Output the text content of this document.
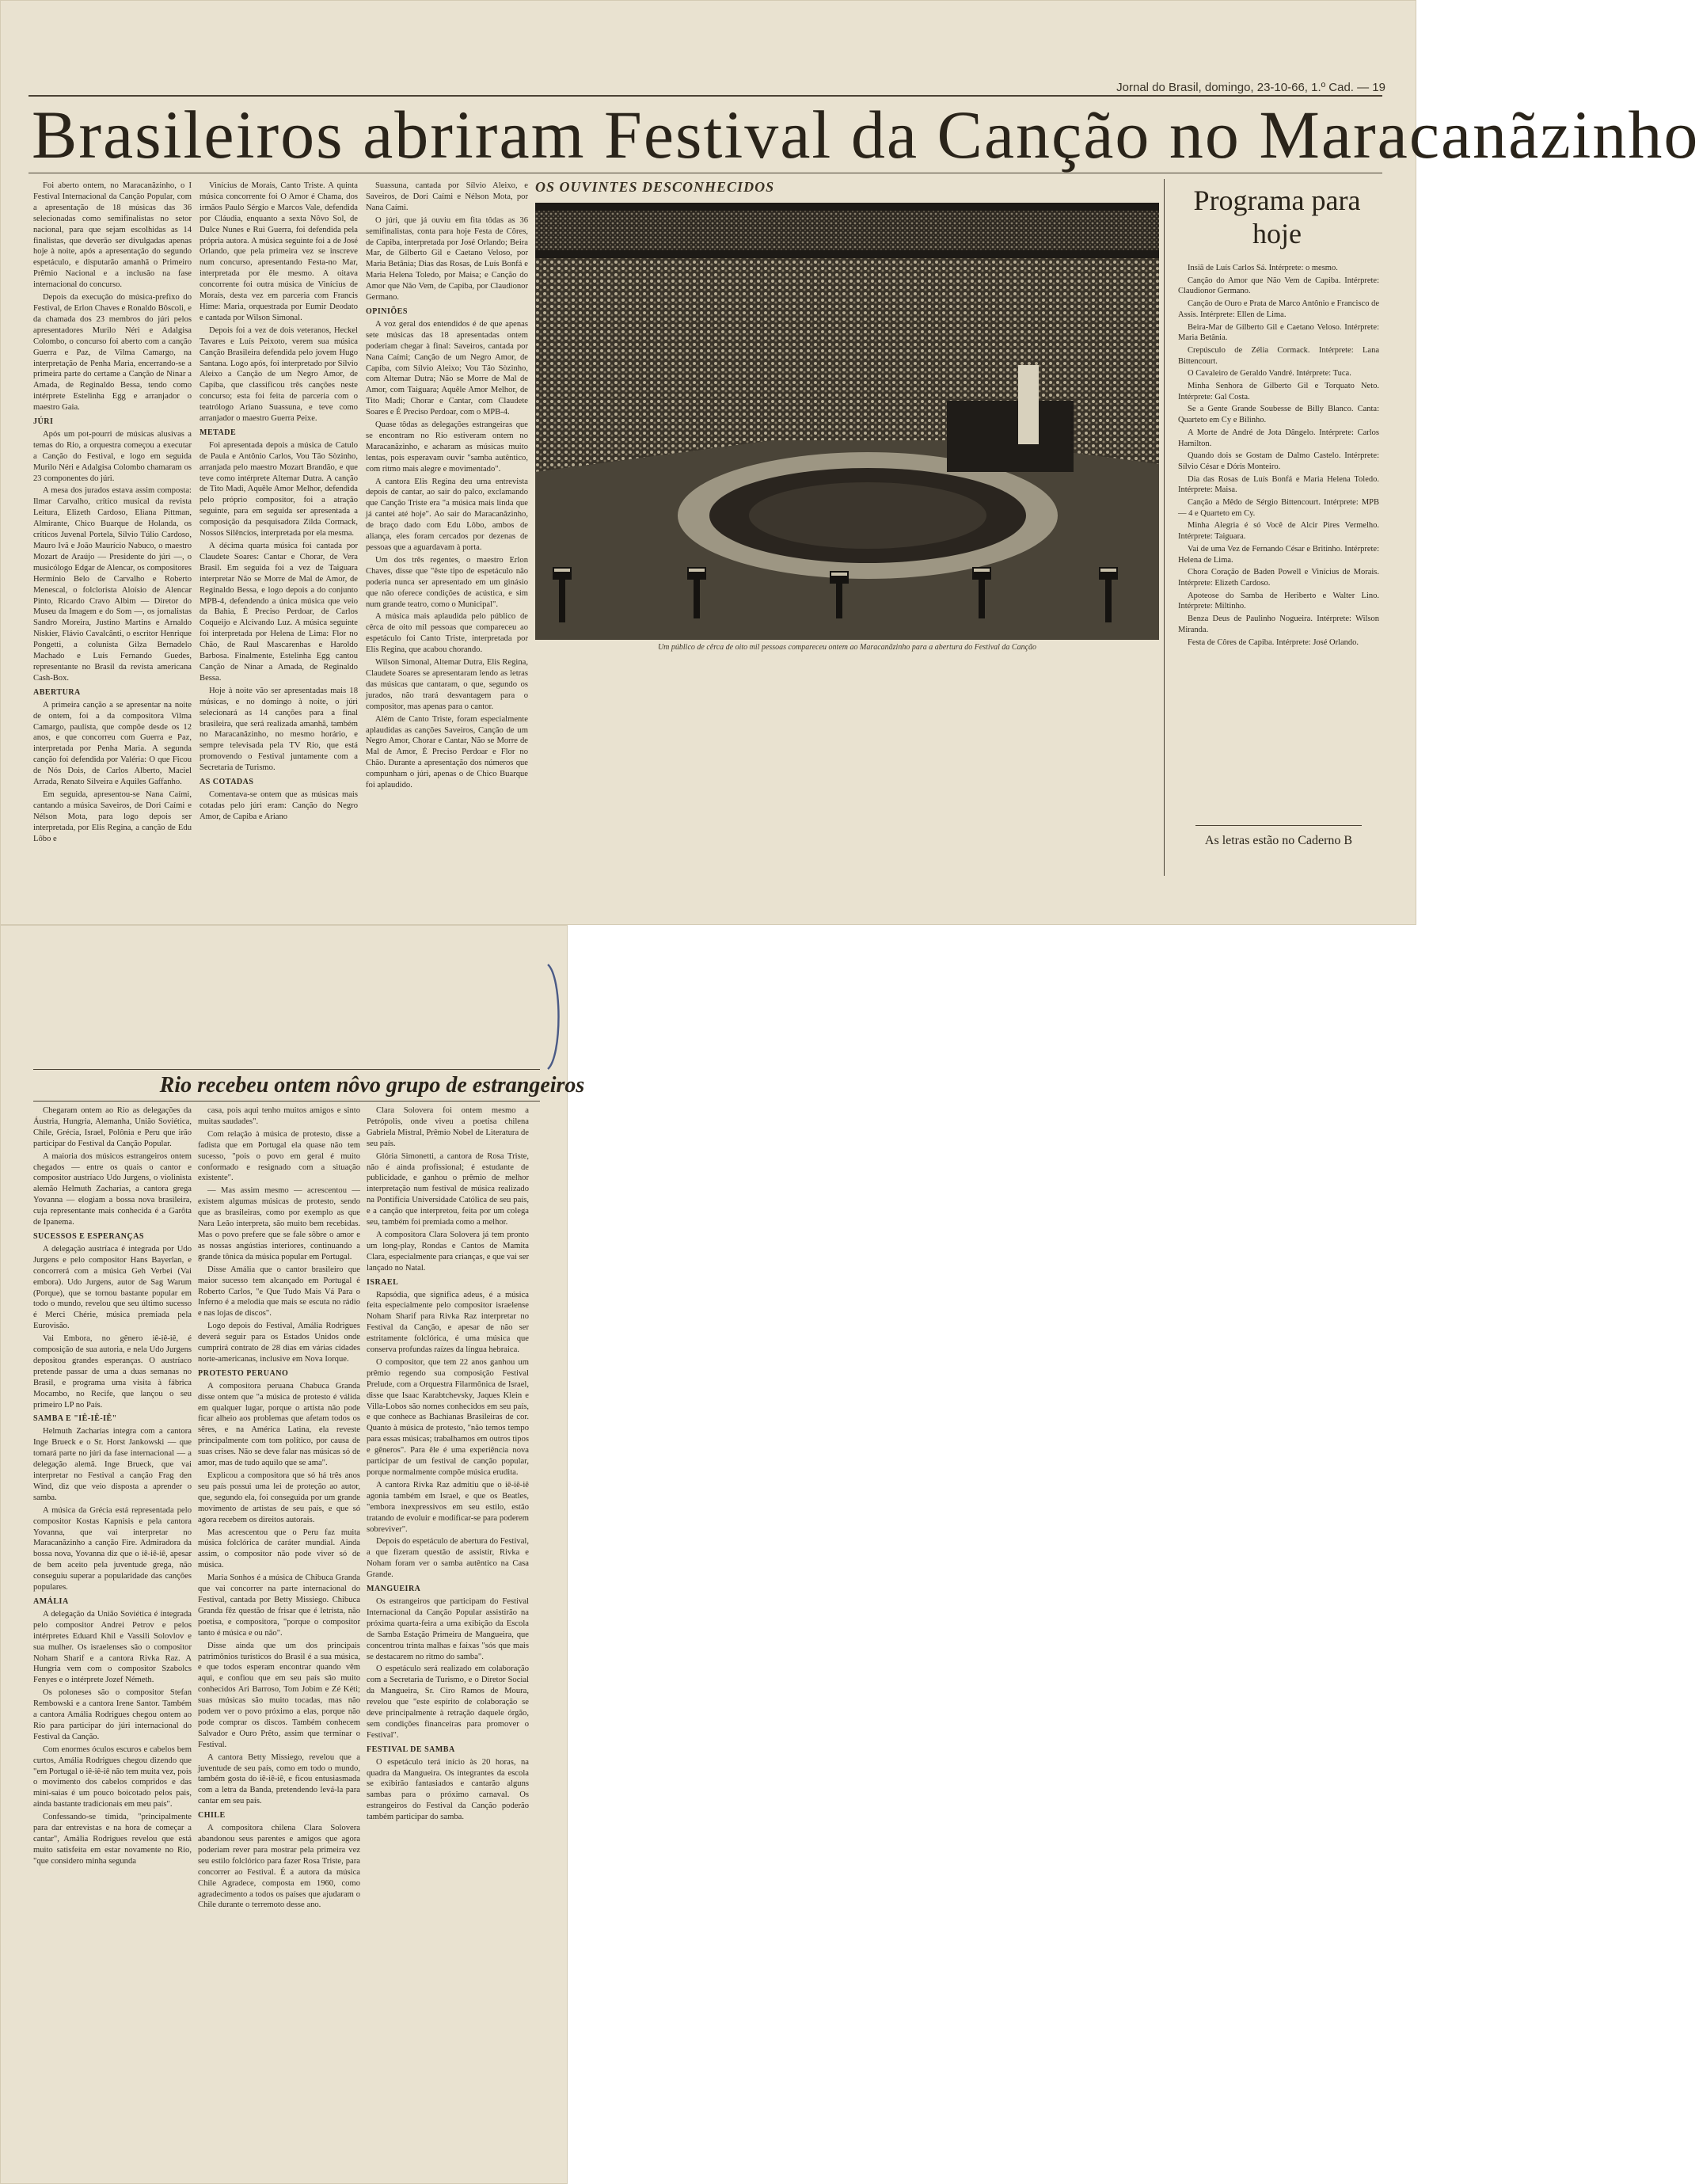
Jornal do Brasil, domingo, 23-10-66, 1.º Cad. — 19
Brasileiros abriram Festival da Canção no Maracanãzinho

Foi aberto ontem, no Maracanãzinho, o I Festival Internacional da Canção Popular, com a apresentação de 18 músicas das 36 selecionadas como semifinalistas no setor nacional, para que sejam escolhidas as 14 finalistas, que deverão ser divulgadas apenas hoje à noite, após a apresentação do segundo espetáculo, e disputarão amanhã o Primeiro Prêmio Nacional e a inclusão na fase internacional do concurso.

Depois da execução do música-prefixo do Festival, de Erlon Chaves e Ronaldo Bôscoli, e da chamada dos 23 membros do júri pelos apresentadores Murilo Néri e Adalgisa Colombo, o concurso foi aberto com a canção Guerra e Paz, de Vilma Camargo, na interpretação de Penha Maria, encerrando-se a primeira parte do certame a Canção de Ninar a Amada, de Reginaldo Bessa, tendo como intérprete Estelinha Egg e arranjador o maestro Gaia.

JÚRI

Após um pot-pourri de músicas alusivas a temas do Rio, a orquestra começou a executar a Canção do Festival, e logo em seguida Murilo Néri e Adalgisa Colombo chamaram os 23 componentes do júri.

A mesa dos jurados estava assim composta: Ilmar Carvalho, crítico musical da revista Leitura, Elizeth Cardoso, Eliana Pittman, Almirante, Chico Buarque de Holanda, os críticos Juvenal Portela, Sílvio Túlio Cardoso, Mauro Ivã e João Maurício Nabuco, o maestro Mozart de Araújo — Presidente do júri —, o musicólogo Edgar de Alencar, os compositores Hermínio Belo de Carvalho e Roberto Menescal, o folclorista Aloísio de Alencar Pinto, Ricardo Cravo Albim — Diretor do Museu da Imagem e do Som —, os jornalistas Sandro Moreira, Justino Martins e Arnaldo Niskier, Flávio Cavalcânti, o escritor Henrique Pongetti, a colunista Gilza Bernadelo Machado e Luís Fernando Guedes, representante no Brasil da revista americana Cash-Box.

ABERTURA

A primeira canção a se apresentar na noite de ontem, foi a da compositora Vilma Camargo, paulista, que compõe desde os 12 anos, e que concorreu com Guerra e Paz, interpretada por Penha Maria. A segunda canção foi defendida por Valéria: O que Ficou de Nós Dois, de Carlos Alberto, Maciel Arrada, Renato Silveira e Aquiles Gaffanho.

Em seguida, apresentou-se Nana Caími, cantando a música Saveiros, de Dori Caími e Nélson Mota, para logo depois ser interpretada, por Elis Regina, a canção de Edu Lôbo e

Vinícius de Morais, Canto Triste. A quinta música concorrente foi O Amor é Chama, dos irmãos Paulo Sérgio e Marcos Vale, defendida por Cláudia, enquanto a sexta Nôvo Sol, de Dulce Nunes e Rui Guerra, foi defendida pela própria autora. A música seguinte foi a de José Orlando, que pela primeira vez se inscreve num concurso, apresentando Festa-no Mar, interpretada por êle mesmo. A oitava concorrente foi outra música de Vinícius de Morais, desta vez em parceria com Francis Hime: Maria, orquestrada por Eumir Deodato e cantada por Wilson Simonal.

Depois foi a vez de dois veteranos, Heckel Tavares e Luís Peixoto, verem sua música Canção Brasileira defendida pelo jovem Hugo Santana. Logo após, foi interpretado por Sílvio Aleixo a Canção de um Negro Amor, de Capiba, que classificou três canções neste concurso; esta foi feita de parceria com o teatrólogo Ariano Suassuna, e teve como arranjador o maestro Guerra Peixe.

METADE

Foi apresentada depois a música de Catulo de Paula e Antônio Carlos, Vou Tão Sòzinho, arranjada pelo maestro Mozart Brandão, e que teve como intérprete Altemar Dutra. A canção de Tito Madi, Aquêle Amor Melhor, defendida pelo próprio compositor, foi a atração seguinte, para em seguida ser apresentada a composição da pesquisadora Zilda Cormack, Nossos Silêncios, interpretada por ela mesma.

A décima quarta música foi cantada por Claudete Soares: Cantar e Chorar, de Vera Brasil. Em seguida foi a vez de Taiguara interpretar Não se Morre de Mal de Amor, de Reginaldo Bessa, e logo depois a do conjunto MPB-4, defendendo a única música que veio da Bahia, É Preciso Perdoar, de Carlos Coqueijo e Alcivando Luz. A música seguinte foi interpretada por Helena de Lima: Flor no Chão, de Raul Mascarenhas e Haroldo Barbosa. Finalmente, Estelinha Egg cantou Canção de Ninar a Amada, de Reginaldo Bessa.

Hoje à noite vão ser apresentadas mais 18 músicas, e no domingo à noite, o júri selecionará as 14 canções para a final brasileira, que será realizada amanhã, também no Maracanãzinho, no mesmo horário, e sempre televisada pela TV Rio, que está promovendo o Festival juntamente com a Secretaria de Turismo.

AS COTADAS

Comentava-se ontem que as músicas mais cotadas pelo júri eram: Canção do Negro Amor, de Capiba e Ariano

Suassuna, cantada por Sílvio Aleixo, e Saveiros, de Dori Caími e Nélson Mota, por Nana Caími.

O júri, que já ouviu em fita tôdas as 36 semifinalistas, conta para hoje Festa de Côres, de Capiba, interpretada por José Orlando; Beira Mar, de Gilberto Gil e Caetano Veloso, por Maria Betânia; Dias das Rosas, de Luís Bonfá e Maria Helena Toledo, por Maisa; e Canção do Amor que Não Vem, de Capiba, por Claudionor Germano.

OPINIÕES

A voz geral dos entendidos é de que apenas sete músicas das 18 apresentadas ontem poderiam chegar à final: Saveiros, cantada por Nana Caími; Canção de um Negro Amor, de Capiba, com Sílvio Aleixo; Vou Tão Sòzinho, com Altemar Dutra; Não se Morre de Mal de Amor, com Taiguara; Aquêle Amor Melhor, de Tito Madi; Chorar e Cantar, com Claudete Soares e É Preciso Perdoar, com o MPB-4.

Quase tôdas as delegações estrangeiras que se encontram no Rio estiveram ontem no Maracanãzinho, e acharam as músicas muito lentas, pois esperavam ouvir "samba autêntico, com ritmo mais alegre e movimentado".

A cantora Elis Regina deu uma entrevista depois de cantar, ao sair do palco, exclamando que Canção Triste era "a música mais linda que já cantei até hoje". Ao sair do Maracanãzinho, de braço dado com Edu Lôbo, ambos de aliança, eles foram cercados por dezenas de pessoas que a aguardavam à porta.

Um dos três regentes, o maestro Erlon Chaves, disse que "êste tipo de espetáculo não poderia nunca ser apresentado em um ginásio que não oferece condições de acústica, e sim num grande teatro, como o Municipal".

A música mais aplaudida pelo público de cêrca de oito mil pessoas que compareceu ao espetáculo foi Canto Triste, interpretada por Elis Regina, que acabou chorando.

Wilson Simonal, Altemar Dutra, Elis Regina, Claudete Soares se apresentaram lendo as letras das músicas que cantaram, o que, segundo os jurados, não trará desvantagem para o compositor, mas apenas para o cantor.

Além de Canto Triste, foram especialmente aplaudidas as canções Saveiros, Canção de um Negro Amor, Chorar e Cantar, Não se Morre de Mal de Amor, É Preciso Perdoar e Flor no Chão. Durante a apresentação dos números que compunham o júri, apenas o de Chico Buarque foi aplaudido.

OS OUVINTES DESCONHECIDOS
Um público de cêrca de oito mil pessoas compareceu ontem ao Maracanãzinho para a abertura do Festival da Canção
Programa para hoje

Insiã de Luís Carlos Sá. Intérprete: o mesmo.

Canção do Amor que Não Vem de Capiba. Intérprete: Claudionor Germano.

Canção de Ouro e Prata de Marco Antônio e Francisco de Assis. Intérprete: Ellen de Lima.

Beira-Mar de Gilberto Gil e Caetano Veloso. Intérprete: Maria Betânia.

Crepúsculo de Zélia Cormack. Intérprete: Lana Bittencourt.

O Cavaleiro de Geraldo Vandré. Intérprete: Tuca.

Minha Senhora de Gilberto Gil e Torquato Neto. Intérprete: Gal Costa.

Se a Gente Grande Soubesse de Billy Blanco. Canta: Quarteto em Cy e Bilinho.

A Morte de André de Jota Dângelo. Intérprete: Carlos Hamilton.

Quando dois se Gostam de Dalmo Castelo. Intérprete: Sílvio César e Dóris Monteiro.

Dia das Rosas de Luís Bonfá e Maria Helena Toledo. Intérprete: Maisa.

Canção a Mêdo de Sérgio Bittencourt. Intérprete: MPB — 4 e Quarteto em Cy.

Minha Alegria é só Você de Alcir Pires Vermelho. Intérprete: Taiguara.

Vai de uma Vez de Fernando César e Britinho. Intérprete: Helena de Lima.

Chora Coração de Baden Powell e Vinícius de Morais. Intérprete: Elizeth Cardoso.

Apoteose do Samba de Heriberto e Walter Lino. Intérprete: Miltinho.

Benza Deus de Paulinho Nogueira. Intérprete: Wilson Miranda.

Festa de Côres de Capiba. Intérprete: José Orlando.

As letras estão no Caderno B
Rio recebeu ontem nôvo grupo de estrangeiros

Chegaram ontem ao Rio as delegações da Áustria, Hungria, Alemanha, União Soviética, Chile, Grécia, Israel, Polônia e Peru que irão participar do Festival da Canção Popular.

A maioria dos músicos estrangeiros ontem chegados — entre os quais o cantor e compositor austríaco Udo Jurgens, o violinista alemão Helmuth Zacharias, a cantora grega Yovanna — elogiam a bossa nova brasileira, cuja representante mais conhecida é a Garôta de Ipanema.

SUCESSOS E ESPERANÇAS

A delegação austríaca é integrada por Udo Jurgens e pelo compositor Hans Bayerlan, e concorrerá com a música Geh Verbei (Vai embora). Udo Jurgens, autor de Sag Warum (Porque), que se tornou bastante popular em todo o mundo, revelou que seu último sucesso é Merci Chérie, música premiada pela Eurovisão.

Vai Embora, no gênero iê-iê-iê, é composição de sua autoria, e nela Udo Jurgens depositou grandes esperanças. O austríaco pretende passar de uma a duas semanas no Brasil, e programa uma visita à fábrica Mocambo, no Recife, que lançou o seu primeiro LP no País.

SAMBA E "IÊ-IÊ-IÊ"

Helmuth Zacharias integra com a cantora Inge Brueck e o Sr. Horst Jankowski — que tomará parte no júri da fase internacional — a delegação alemã. Inge Brueck, que vai interpretar no Festival a canção Frag den Wind, diz que veio disposta a aprender o samba.

A música da Grécia está representada pelo compositor Kostas Kapnisis e pela cantora Yovanna, que vai interpretar no Maracanãzinho a canção Fire. Admiradora da bossa nova, Yovanna diz que o iê-iê-iê, apesar de bem aceito pela juventude grega, não conseguiu superar a popularidade das canções populares.

AMÁLIA

A delegação da União Soviética é integrada pelo compositor Andrei Petrov e pelos intérpretes Eduard Khil e Vassili Solovlov e sua mulher. Os israelenses são o compositor Noham Sharif e a cantora Rivka Raz. A Hungria vem com o compositor Szabolcs Fenyes e o intérprete Jozef Németh.

Os poloneses são o compositor Stefan Rembowski e a cantora Irene Santor. Também a cantora Amália Rodrigues chegou ontem ao Rio para participar do júri internacional do Festival da Canção.

Com enormes óculos escuros e cabelos bem curtos, Amália Rodrigues chegou dizendo que "em Portugal o iê-iê-iê não tem muita vez, pois o movimento dos cabelos compridos e das mini-saias é um pouco boicotado pelos pais, ainda bastante tradicionais em meu país".

Confessando-se tímida, "principalmente para dar entrevistas e na hora de começar a cantar", Amália Rodrigues revelou que está muito satisfeita em estar novamente no Rio, "que considero minha segunda

casa, pois aqui tenho muitos amigos e sinto muitas saudades".

Com relação à música de protesto, disse a fadista que em Portugal ela quase não tem sucesso, "pois o povo em geral é muito conformado e resignado com a situação existente".

— Mas assim mesmo — acrescentou — existem algumas músicas de protesto, sendo que as brasileiras, como por exemplo as que Nara Leão interpreta, são muito bem recebidas. Mas o povo prefere que se fale sôbre o amor e as nossas angústias interiores, continuando a grande tônica da música popular em Portugal.

Disse Amália que o cantor brasileiro que maior sucesso tem alcançado em Portugal é Roberto Carlos, "e Que Tudo Mais Vá Para o Inferno é a melodia que mais se escuta no rádio e nas lojas de discos".

Logo depois do Festival, Amália Rodrigues deverá seguir para os Estados Unidos onde cumprirá contrato de 28 dias em várias cidades norte-americanas, inclusive em Nova Iorque.

PROTESTO PERUANO

A compositora peruana Chabuca Granda disse ontem que "a música de protesto é válida em qualquer lugar, porque o artista não pode ficar alheio aos problemas que afetam todos os sêres, e na América Latina, ela reveste principalmente com tom político, por causa de suas crises. Não se deve falar nas músicas só de amor, mas de tudo aquilo que se ama".

Explicou a compositora que só há três anos seu país possui uma lei de proteção ao autor, que, segundo ela, foi conseguida por um grande movimento de artistas de seu país, e que só agora recebem os direitos autorais.

Mas acrescentou que o Peru faz muita música folclórica de caráter mundial. Ainda assim, o compositor não pode viver só de música.

Maria Sonhos é a música de Chibuca Granda que vai concorrer na parte internacional do Festival, cantada por Betty Missiego. Chibuca Granda fêz questão de frisar que é letrista, não poetisa, e compositora, "porque o compositor tanto é música e ou não".

Disse ainda que um dos principais patrimônios turísticos do Brasil é a sua música, e que todos esperam encontrar quando vêm aqui, e confiou que em seu país são muito conhecidos Ari Barroso, Tom Jobim e Zé Kéti; suas músicas são muito tocadas, mas não podem ver o povo próximo a elas, porque não pode comprar os discos. Também conhecem Salvador e Ouro Prêto, assim que terminar o Festival.

A cantora Betty Missiego, revelou que a juventude de seu país, como em todo o mundo, também gosta do iê-iê-iê, e ficou entusiasmada com a letra da Banda, pretendendo levá-la para cantar em seu país.

CHILE

A compositora chilena Clara Solovera abandonou seus parentes e amigos que agora poderiam rever para mostrar pela primeira vez seu estilo folclórico para fazer Rosa Triste, para concorrer ao Festival. É a autora da música Chile Agradece, composta em 1960, como agradecimento a todos os países que ajudaram o Chile durante o terremoto desse ano.

Clara Solovera foi ontem mesmo a Petrópolis, onde viveu a poetisa chilena Gabriela Mistral, Prêmio Nobel de Literatura de seu país.

Glória Simonetti, a cantora de Rosa Triste, não é ainda profissional; é estudante de publicidade, e ganhou o prêmio de melhor interpretação num festival de música realizado na Pontifícia Universidade Católica de seu país, e a canção que interpretou, feita por um colega seu, também foi premiada como a melhor.

A compositora Clara Solovera já tem pronto um long-play, Rondas e Cantos de Mamita Clara, especialmente para crianças, e que vai ser lançado no Natal.

ISRAEL

Rapsódia, que significa adeus, é a música feita especialmente pelo compositor israelense Noham Sharif para Rivka Raz interpretar no Festival da Canção, e apesar de não ser estritamente folclórica, é uma música que conserva profundas raízes da língua hebraica.

O compositor, que tem 22 anos ganhou um prêmio regendo sua composição Festival Prelude, com a Orquestra Filarmônica de Israel, disse que Isaac Karabtchevsky, Jaques Klein e Villa-Lobos são nomes conhecidos em seu país, e que conhece as Bachianas Brasileiras de cor. Quanto à música de protesto, "não temos tempo para essas músicas; trabalhamos em outros tipos e gêneros". Para êle é uma experiência nova participar de um festival de canção popular, porque normalmente compõe música erudita.

A cantora Rivka Raz admitiu que o iê-iê-iê agonia também em Israel, e que os Beatles, "embora inexpressivos em seu estilo, estão tratando de evoluir e modificar-se para poderem sobreviver".

Depois do espetáculo de abertura do Festival, a que fizeram questão de assistir, Rivka e Noham foram ver o samba autêntico na Casa Grande.

MANGUEIRA

Os estrangeiros que participam do Festival Internacional da Canção Popular assistirão na próxima quarta-feira a uma exibição da Escola de Samba Estação Primeira de Mangueira, que concentrou trinta malhas e faixas "sós que mais se destacarem no ritmo do samba".

O espetáculo será realizado em colaboração com a Secretaria de Turismo, e o Diretor Social da Mangueira, Sr. Ciro Ramos de Moura, revelou que "este espírito de colaboração se deve principalmente à retração daquele órgão, sem condições financeiras para promover o Festival".

FESTIVAL DE SAMBA

O espetáculo terá início às 20 horas, na quadra da Mangueira. Os integrantes da escola se exibirão fantasiados e cantarão alguns sambas para o próximo carnaval. Os estrangeiros do Festival da Canção poderão também participar do samba.
